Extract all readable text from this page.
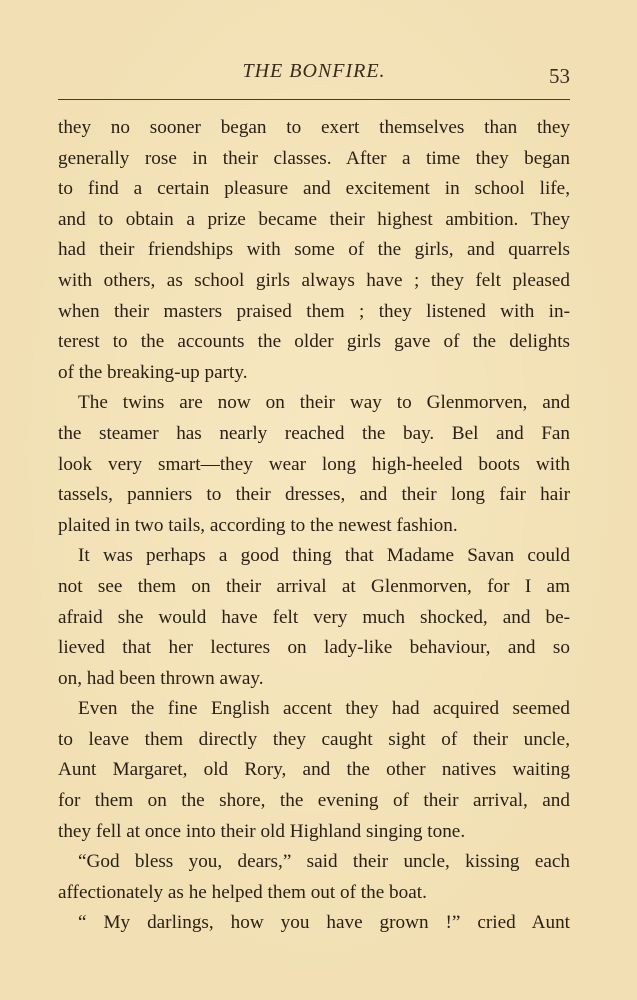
THE BONFIRE.	53
they no sooner began to exert themselves than they
generally rose in their classes. After a time they began
to find a certain pleasure and excitement in school life,
and to obtain a prize became their highest ambition. They
had their friendships with some of the girls, and quarrels
with others, as school girls always have ; they felt pleased
when their masters praised them ; they listened with in-
terest to the accounts the older girls gave of the delights
of the breaking-up party.
The twins are now on their way to Glenmorven, and
the steamer has nearly reached the bay. Bel and Fan
look very smart—they wear long high-heeled boots with
tassels, panniers to their dresses, and their long fair hair
plaited in two tails, according to the newest fashion.
It was perhaps a good thing that Madame Savan could
not see them on their arrival at Glenmorven, for I am
afraid she would have felt very much shocked, and be-
lieved that her lectures on lady-like behaviour, and so
on, had been thrown away.
Even the fine English accent they had acquired seemed
to leave them directly they caught sight of their uncle,
Aunt Margaret, old Rory, and the other natives waiting
for them on the shore, the evening of their arrival, and
they fell at once into their old Highland singing tone.
“God bless you, dears,” said their uncle, kissing each
affectionately as he helped them out of the boat.
“ My darlings, how you have grown !” cried Aunt
